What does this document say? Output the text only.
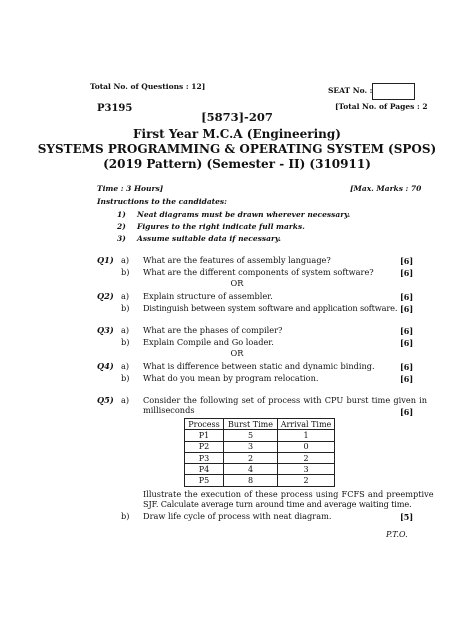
Total No. of Questions : 12]	SEAT No. :
P3195	[Total No. of Pages : 2
[5873]-207
First Year M.C.A (Engineering)
SYSTEMS PROGRAMMING & OPERATING SYSTEM (SPOS)
(2019 Pattern) (Semester - II) (310911)
Time : 3 Hours]	[Max. Marks : 70
Instructions to the candidates:
1) Neat diagrams must be drawn wherever necessary.
2) Figures to the right indicate full marks.
3) Assume suitable data if necessary.
Q1) a) What are the features of assembly language?	[6]
b) What are the different components of system software?	[6]
OR
Q2) a) Explain structure of assembler.	[6]
b) Distinguish between system software and application software. [6]
Q3) a) What are the phases of compiler?	[6]
b) Explain Compile and Go loader.	[6]
OR
Q4) a) What is difference between static and dynamic binding.	[6]
b) What do you mean by program relocation.	[6]
Q5) a) Consider the following set of process with CPU burst time given in
milliseconds	[6]
Process	Burst Time	Arrival Time
P1	5	1
P2	3	0
P3	2	2
P4	4	3
P5	8	2
Illustrate the execution of these process using FCFS and preemptive
SJF. Calculate average turn around time and average waiting time.
b) Draw life cycle of process with neat diagram.	[5]
P.T.O.
